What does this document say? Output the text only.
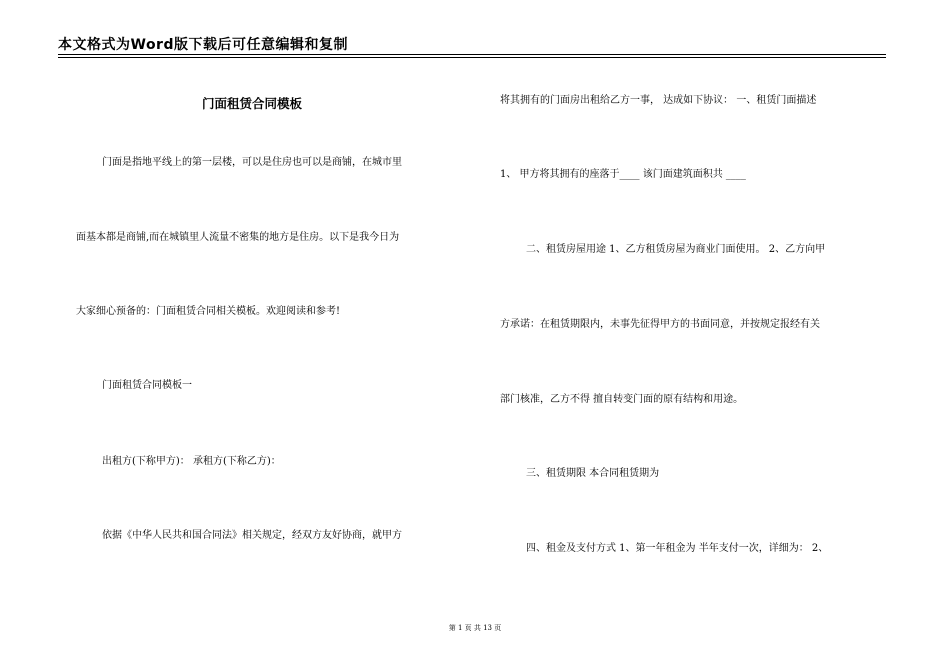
本文格式为Word版下载后可任意编辑和复制
门面租赁合同模板
门面是指地平线上的第一层楼，可以是住房也可以是商铺，在城市里
面基本都是商铺,而在城镇里人流量不密集的地方是住房。以下是我今日为
大家细心预备的：门面租赁合同相关模板。欢迎阅读和参考!
门面租赁合同模板一
出租方(下称甲方)： 承租方(下称乙方)：
依据《中华人民共和国合同法》相关规定，经双方友好协商，就甲方
将其拥有的门面房出租给乙方一事， 达成如下协议： 一、租赁门面描述
1、 甲方将其拥有的座落于____ 该门面建筑面积共 ____
二、租赁房屋用途 1、乙方租赁房屋为商业门面使用。 2、乙方向甲
方承诺：在租赁期限内，未事先征得甲方的书面同意，并按规定报经有关
部门核准，乙方不得 擅自转变门面的原有结构和用途。
三、租赁期限 本合同租赁期为
四、租金及支付方式 1、第一年租金为 半年支付一次，详细为： 2、
第 1 页 共 13 页
